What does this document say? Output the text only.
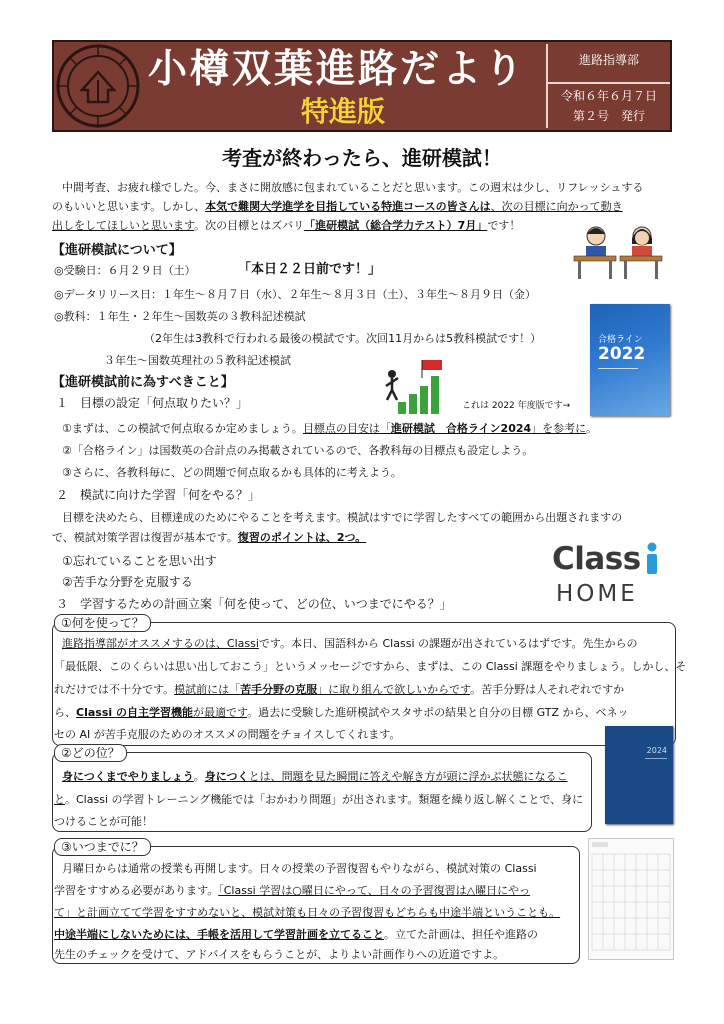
小樽双葉進路だより
特進版
進路指導部
令和６年６月７日
第２号　発行
考査が終わったら、進研模試！
中間考査、お疲れ様でした。今、まさに開放感に包まれていることだと思います。この週末は少し、リフレッシュする
のもいいと思います。しかし、本気で難関大学進学を目指している特進コースの皆さんは、次の目標に向かって動き
出しをしてほしいと思います。次の目標とはズバリ「進研模試（総合学力テスト）7月」です！
【進研模試について】
◎受験日：６月２９日（土）	「本日２２日前です！」
◎データリリース日：１年生～８月７日（水）、２年生～８月３日（土）、３年生～８月９日（金）
◎教科：１年生・２年生～国数英の３教科記述模試
（2年生は3教科で行われる最後の模試です。次回11月からは5教科模試です！）
３年生～国数英理社の５教科記述模試
合格ライン
2022
【進研模試前に為すべきこと】
目標
これは 2022 年度版です→
１　目標の設定「何点取りたい？」
①まずは、この模試で何点取るか定めましょう。目標点の目安は「進研模試　合格ライン2024」を参考に。
②「合格ライン」は国数英の合計点のみ掲載されているので、各教科毎の目標点も設定しよう。
③さらに、各教科毎に、どの問題で何点取るかも具体的に考えよう。
２　模試に向けた学習「何をやる？」
目標を決めたら、目標達成のためにやることを考えます。模試はすでに学習したすべての範囲から出題されますの
で、模試対策学習は復習が基本です。復習のポイントは、2つ。
①忘れていることを思い出す
②苦手な分野を克服する
３　学習するための計画立案「何を使って、どの位、いつまでにやる？」
Class
HOME
①何を使って？
進路指導部がオススメするのは、Classiです。本日、国語科から Classi の課題が出されているはずです。先生からの
「最低限、このくらいは思い出しておこう」というメッセージですから、まずは、この Classi 課題をやりましょう。しかし、そ
れだけでは不十分です。模試前には「苦手分野の克服」に取り組んで欲しいからです。苦手分野は人それぞれですか
ら、Classi の自主学習機能が最適です。過去に受験した進研模試やスタサポの結果と自分の目標 GTZ から、ベネッ
セの AI が苦手克服のためのオススメの問題をチョイスしてくれます。
②どの位？
身につくまでやりましょう。身につくとは、問題を見た瞬間に答えや解き方が頭に浮かぶ状態になるこ
と。Classi の学習トレーニング機能では「おかわり問題」が出されます。類題を繰り返し解くことで、身に
つけることが可能！
2024
③いつまでに？
月曜日からは通常の授業も再開します。日々の授業の予習復習もやりながら、模試対策の Classi
学習をすすめる必要があります。「Classi 学習は○曜日にやって、日々の予習復習は△曜日にやっ
て」と計画立てて学習をすすめないと、模試対策も日々の予習復習もどちらも中途半端ということも。
中途半端にしないためには、手帳を活用して学習計画を立てること。立てた計画は、担任や進路の
先生のチェックを受けて、アドバイスをもらうことが、よりよい計画作りへの近道ですよ。
